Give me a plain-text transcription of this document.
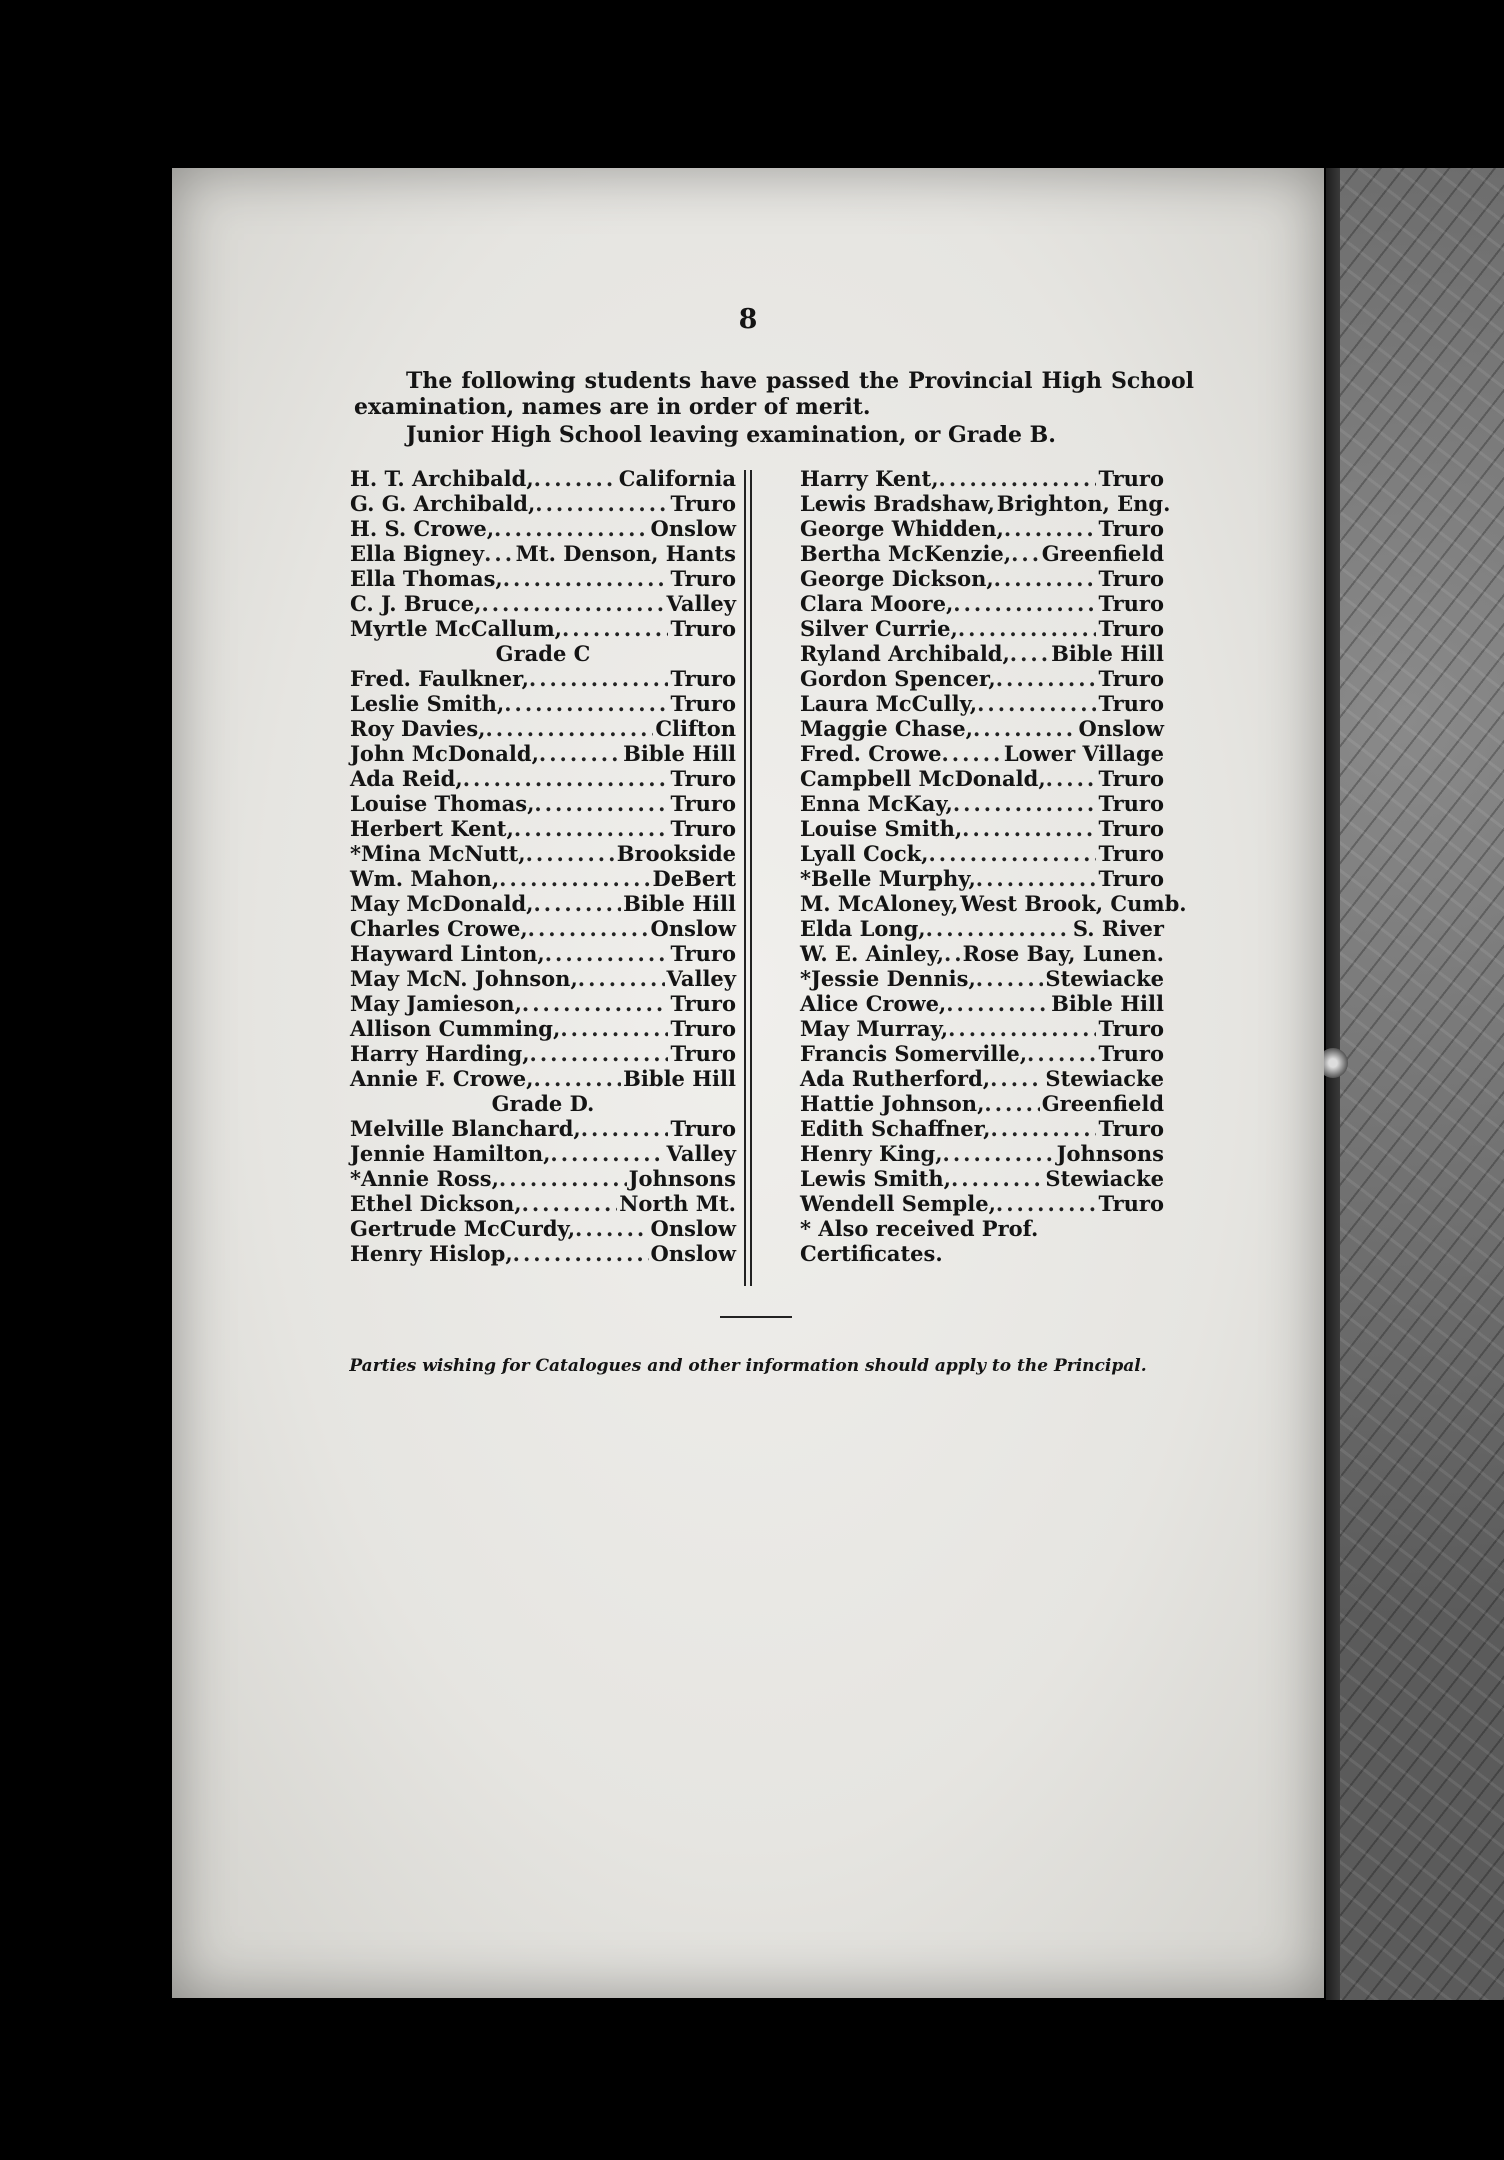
8

The following students have passed the Provincial High School examination, names are in order of merit.

Junior High School leaving examination, or Grade B.

H. T. Archibald, .....	California
G. G. Archibald, .....	Truro
H. S. Crowe, .....	Onslow
Ella Bigney ..... Mt. Denson, Hants
Ella Thomas, .....	Truro
C. J. Bruce, .....	Valley
Myrtle McCallum, .....	Truro
Grade C
Fred. Faulkner, .....	Truro
Leslie Smith, .....	Truro
Roy Davies, .....	Clifton
John McDonald, .....	Bible Hill
Ada Reid, .....	Truro
Louise Thomas, .....	Truro
Herbert Kent, .....	Truro
*Mina McNutt, .....	Brookside
Wm. Mahon, .....	DeBert
May McDonald, .....	Bible Hill
Charles Crowe, .....	Onslow
Hayward Linton, .....	Truro
May McN. Johnson, .....	Valley
May Jamieson, .....	Truro
Allison Cumming, .....	Truro
Harry Harding, .....	Truro
Annie F. Crowe, .....	Bible Hill
Grade D.
Melville Blanchard, .....	Truro
Jennie Hamilton, .....	Valley
*Annie Ross, .....	Johnsons
Ethel Dickson, .....	North Mt.
Gertrude McCurdy, .....	Onslow
Henry Hislop, .....	Onslow
Harry Kent, .....	Truro
Lewis Bradshaw, Brighton, Eng.
George Whidden, .....	Truro
Bertha McKenzie, ..... Greenfield
George Dickson, .....	Truro
Clara Moore, .....	Truro
Silver Currie, .....	Truro
Ryland Archibald, ..... Bible Hill
Gordon Spencer, .....	Truro
Laura McCully, .....	Truro
Maggie Chase, .....	Onslow
Fred. Crowe .....	Lower Village
Campbell McDonald, .....	Truro
Enna McKay, .....	Truro
Louise Smith, .....	Truro
Lyall Cock, .....	Truro
*Belle Murphy, .....	Truro
M. McAloney, West Brook, Cumb.
Elda Long, .....	S. River
W. E. Ainley, ..... Rose Bay, Lunen.
*Jessie Dennis, .....	Stewiacke
Alice Crowe, .....	Bible Hill
May Murray, .....	Truro
Francis Somerville, .....	Truro
Ada Rutherford, .....	Stewiacke
Hattie Johnson, .....	Greenfield
Edith Schaffner, .....	Truro
Henry King, .....	Johnsons
Lewis Smith, .....	Stewiacke
Wendell Semple, .....	Truro
* Also received Prof. Certificates.
Parties wishing for Catalogues and other information should apply to the Principal.
